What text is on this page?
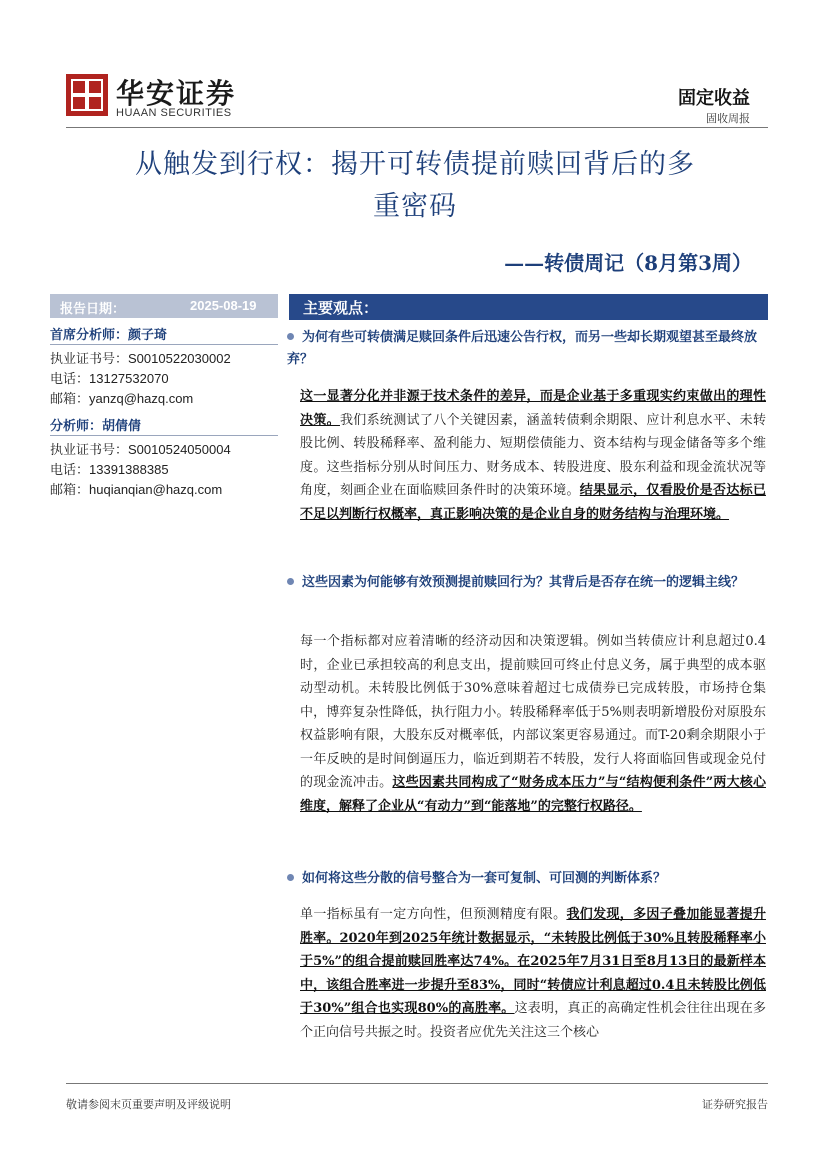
华安证券
HUAAN SECURITIES
固定收益
固收周报
从触发到行权：揭开可转债提前赎回背后的多
重密码
——转债周记（8月第3周）
报告日期：	2025-08-19
首席分析师：颜子琦
执业证书号：S0010522030002
电话：13127532070
邮箱：yanzq@hazq.com
分析师：胡倩倩
执业证书号：S0010524050004
电话：13391388385
邮箱：huqianqian@hazq.com
主要观点：
为何有些可转债满足赎回条件后迅速公告行权，而另一些却长期观望甚至最终放弃？
这一显著分化并非源于技术条件的差异，而是企业基于多重现实约束做出的理性决策。我们系统测试了八个关键因素，涵盖转债剩余期限、应计利息水平、未转股比例、转股稀释率、盈利能力、短期偿债能力、资本结构与现金储备等多个维度。这些指标分别从时间压力、财务成本、转股进度、股东利益和现金流状况等角度，刻画企业在面临赎回条件时的决策环境。结果显示，仅看股价是否达标已不足以判断行权概率，真正影响决策的是企业自身的财务结构与治理环境。
这些因素为何能够有效预测提前赎回行为？其背后是否存在统一的逻辑主线？
每一个指标都对应着清晰的经济动因和决策逻辑。例如当转债应计利息超过0.4时，企业已承担较高的利息支出，提前赎回可终止付息义务，属于典型的成本驱动型动机。未转股比例低于30%意味着超过七成债券已完成转股，市场持仓集中，博弈复杂性降低，执行阻力小。转股稀释率低于5%则表明新增股份对原股东权益影响有限，大股东反对概率低，内部议案更容易通过。而T-20剩余期限小于一年反映的是时间倒逼压力，临近到期若不转股，发行人将面临回售或现金兑付的现金流冲击。这些因素共同构成了“财务成本压力”与“结构便利条件”两大核心维度，解释了企业从“有动力”到“能落地”的完整行权路径。
如何将这些分散的信号整合为一套可复制、可回测的判断体系？
单一指标虽有一定方向性，但预测精度有限。我们发现，多因子叠加能显著提升胜率。2020年到2025年统计数据显示，“未转股比例低于30%且转股稀释率小于5%”的组合提前赎回胜率达74%。在2025年7月31日至8月13日的最新样本中，该组合胜率进一步提升至83%，同时“转债应计利息超过0.4且未转股比例低于30%”组合也实现80%的高胜率。这表明，真正的高确定性机会往往出现在多个正向信号共振之时。投资者应优先关注这三个核心
敬请参阅末页重要声明及评级说明	证券研究报告
